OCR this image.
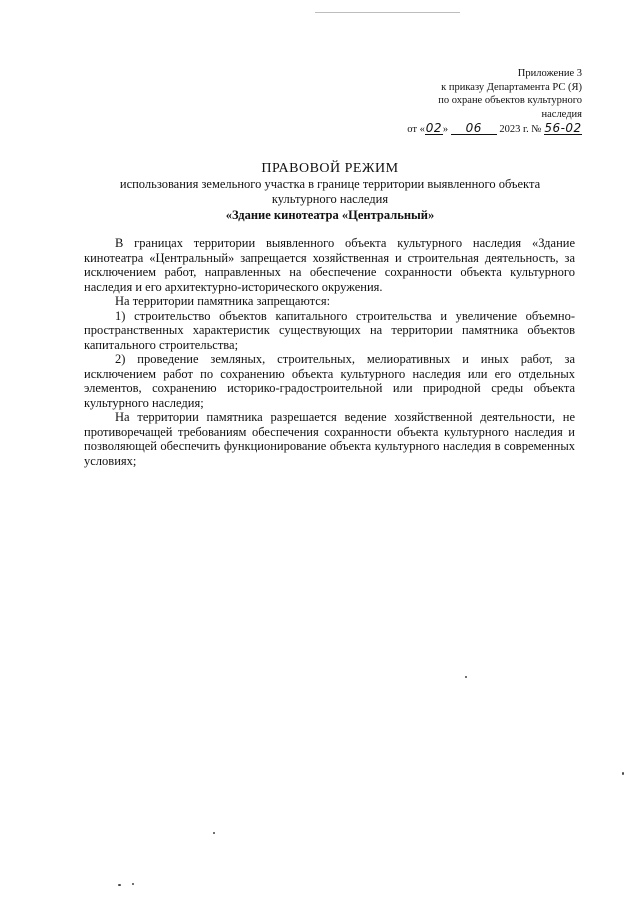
Приложение 3
к приказу Департамента РС (Я)
по охране объектов культурного
наследия
от «02» 06 2023 г. № 56-02
ПРАВОВОЙ РЕЖИМ
использования земельного участка в границе территории выявленного объекта
культурного наследия
«Здание кинотеатра «Центральный»

В границах территории выявленного объекта культурного наследия «Здание кинотеатра «Центральный» запрещается хозяйственная и строительная деятельность, за исключением работ, направленных на обеспечение сохранности объекта культурного наследия и его архитектурно-исторического окружения.

На территории памятника запрещаются:

1) строительство объектов капитального строительства и увеличение объемно-пространственных характеристик существующих на территории памятника объектов капитального строительства;

2) проведение земляных, строительных, мелиоративных и иных работ, за исключением работ по сохранению объекта культурного наследия или его отдельных элементов, сохранению историко-градостроительной или природной среды объекта культурного наследия;

На территории памятника разрешается ведение хозяйственной деятельности, не противоречащей требованиям обеспечения сохранности объекта культурного наследия и позволяющей обеспечить функционирование объекта культурного наследия в современных условиях;
